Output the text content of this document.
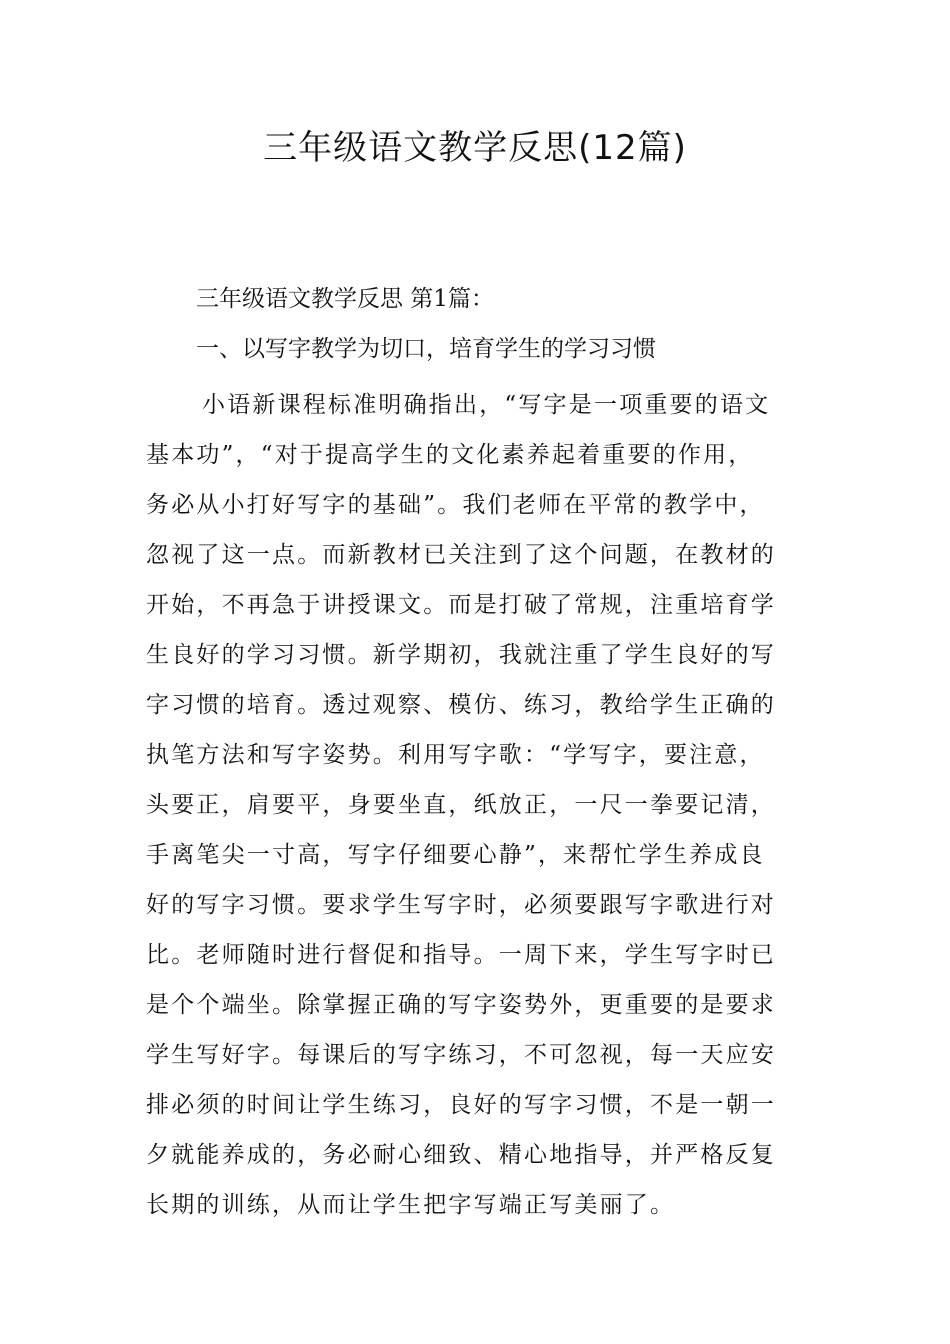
三年级语文教学反思(12篇)
三年级语文教学反思 第1篇：
一、以写字教学为切口，培育学生的学习习惯
小语新课程标准明确指出，“写字是一项重要的语文
基本功”，“对于提高学生的文化素养起着重要的作用，
务必从小打好写字的基础”。我们老师在平常的教学中，
忽视了这一点。而新教材已关注到了这个问题，在教材的
开始，不再急于讲授课文。而是打破了常规，注重培育学
生良好的学习习惯。新学期初，我就注重了学生良好的写
字习惯的培育。透过观察、模仿、练习，教给学生正确的
执笔方法和写字姿势。利用写字歌：“学写字，要注意，
头要正，肩要平，身要坐直，纸放正，一尺一拳要记清，
手离笔尖一寸高，写字仔细要心静”，来帮忙学生养成良
好的写字习惯。要求学生写字时，必须要跟写字歌进行对
比。老师随时进行督促和指导。一周下来，学生写字时已
是个个端坐。除掌握正确的写字姿势外，更重要的是要求
学生写好字。每课后的写字练习，不可忽视，每一天应安
排必须的时间让学生练习，良好的写字习惯，不是一朝一
夕就能养成的，务必耐心细致、精心地指导，并严格反复
长期的训练，从而让学生把字写端正写美丽了。
